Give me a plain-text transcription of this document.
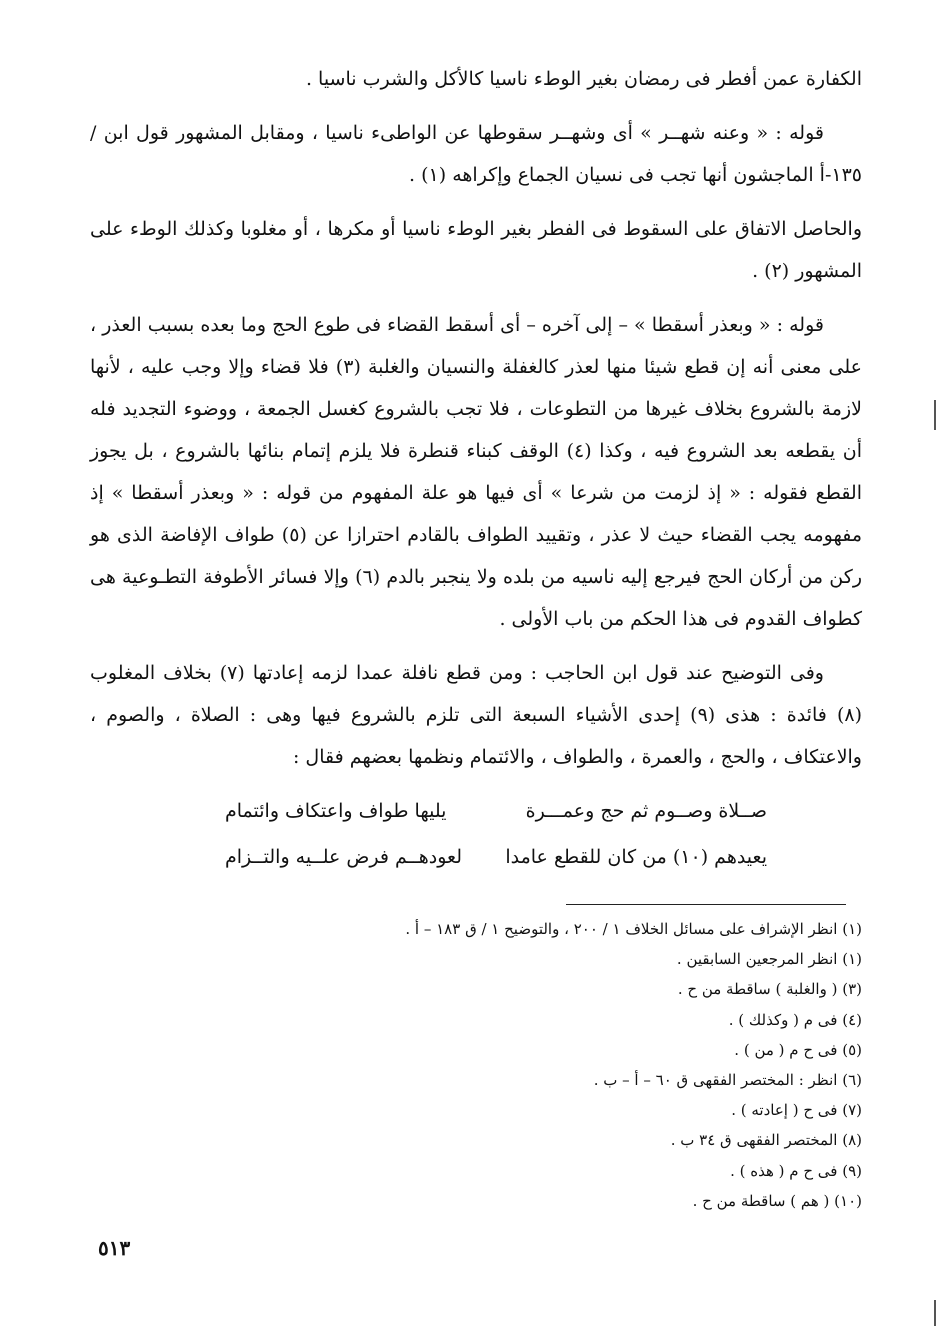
الكفارة عمن أفطر فى رمضان بغير الوطء ناسيا كالأكل والشرب ناسيا .

قوله : « وعنه شهــر » أى وشهــر سقوطها عن الواطىء ناسيا ، ومقابل المشهور قول ابن /١٣٥-أ الماجشون أنها تجب فى نسيان الجماع وإكراهه (١) .

والحاصل الاتفاق على السقوط فى الفطر بغير الوطء ناسيا أو مكرها ، أو مغلوبا وكذلك الوطء على المشهور (٢) .

قوله : « وبعذر أسقطا » – إلى آخره – أى أسقط القضاء فى طوع الحج وما بعده بسبب العذر ، على معنى أنه إن قطع شيئا منها لعذر كالغفلة والنسيان والغلبة (٣) فلا قضاء وإلا وجب عليه ، لأنها لازمة بالشروع بخلاف غيرها من التطوعات ، فلا تجب بالشروع كغسل الجمعة ، ووضوء التجديد فله أن يقطعه بعد الشروع فيه ، وكذا (٤) الوقف كبناء قنطرة فلا يلزم إتمام بنائها بالشروع ، بل يجوز القطع فقوله : « إذ لزمت من شرعا » أى فيها هو علة المفهوم من قوله : « وبعذر أسقطا » إذ مفهومه يجب القضاء حيث لا عذر ، وتقييد الطواف بالقادم احترازا عن (٥) طواف الإفاضة الذى هو ركن من أركان الحج فيرجع إليه ناسيه من بلده ولا ينجبر بالدم (٦) وإلا فسائر الأطوفة التطـوعية هى كطواف القدوم فى هذا الحكم من باب الأولى .

وفى التوضيح عند قول ابن الحاجب : ومن قطع نافلة عمدا لزمه إعادتها (٧) بخلاف المغلوب (٨) فائدة : هذى (٩) إحدى الأشياء السبعة التى تلزم بالشروع فيها وهى : الصلاة ، والصوم ، والاعتكاف ، والحج ، والعمرة ، والطواف ، والائتمام ونظمها بعضهم فقال :

صــلاة وصــوم ثم حج وعمـــرة
يليها طواف واعتكاف وائتمام
يعيدهم (١٠) من كان للقطع عامدا
لعودهــم فرض علــيه والتــزام
(١) انظر الإشراف على مسائل الخلاف ١ / ٢٠٠ ، والتوضيح ١ / ق ١٨٣ – أ .
(١) انظر المرجعين السابقين .
(٣) ( والغلبة ) ساقطة من ح .
(٤) فى م ( وكذلك ) .
(٥) فى ح م ( من ) .
(٦) انظر : المختصر الفقهى ق ٦٠ – أ – ب .
(٧) فى ح ( إعادته ) .
(٨) المختصر الفقهى ق ٣٤ ب .
(٩) فى ح م ( هذه ) .
(١٠) ( هم ) ساقطة من ح .
٥١٣
